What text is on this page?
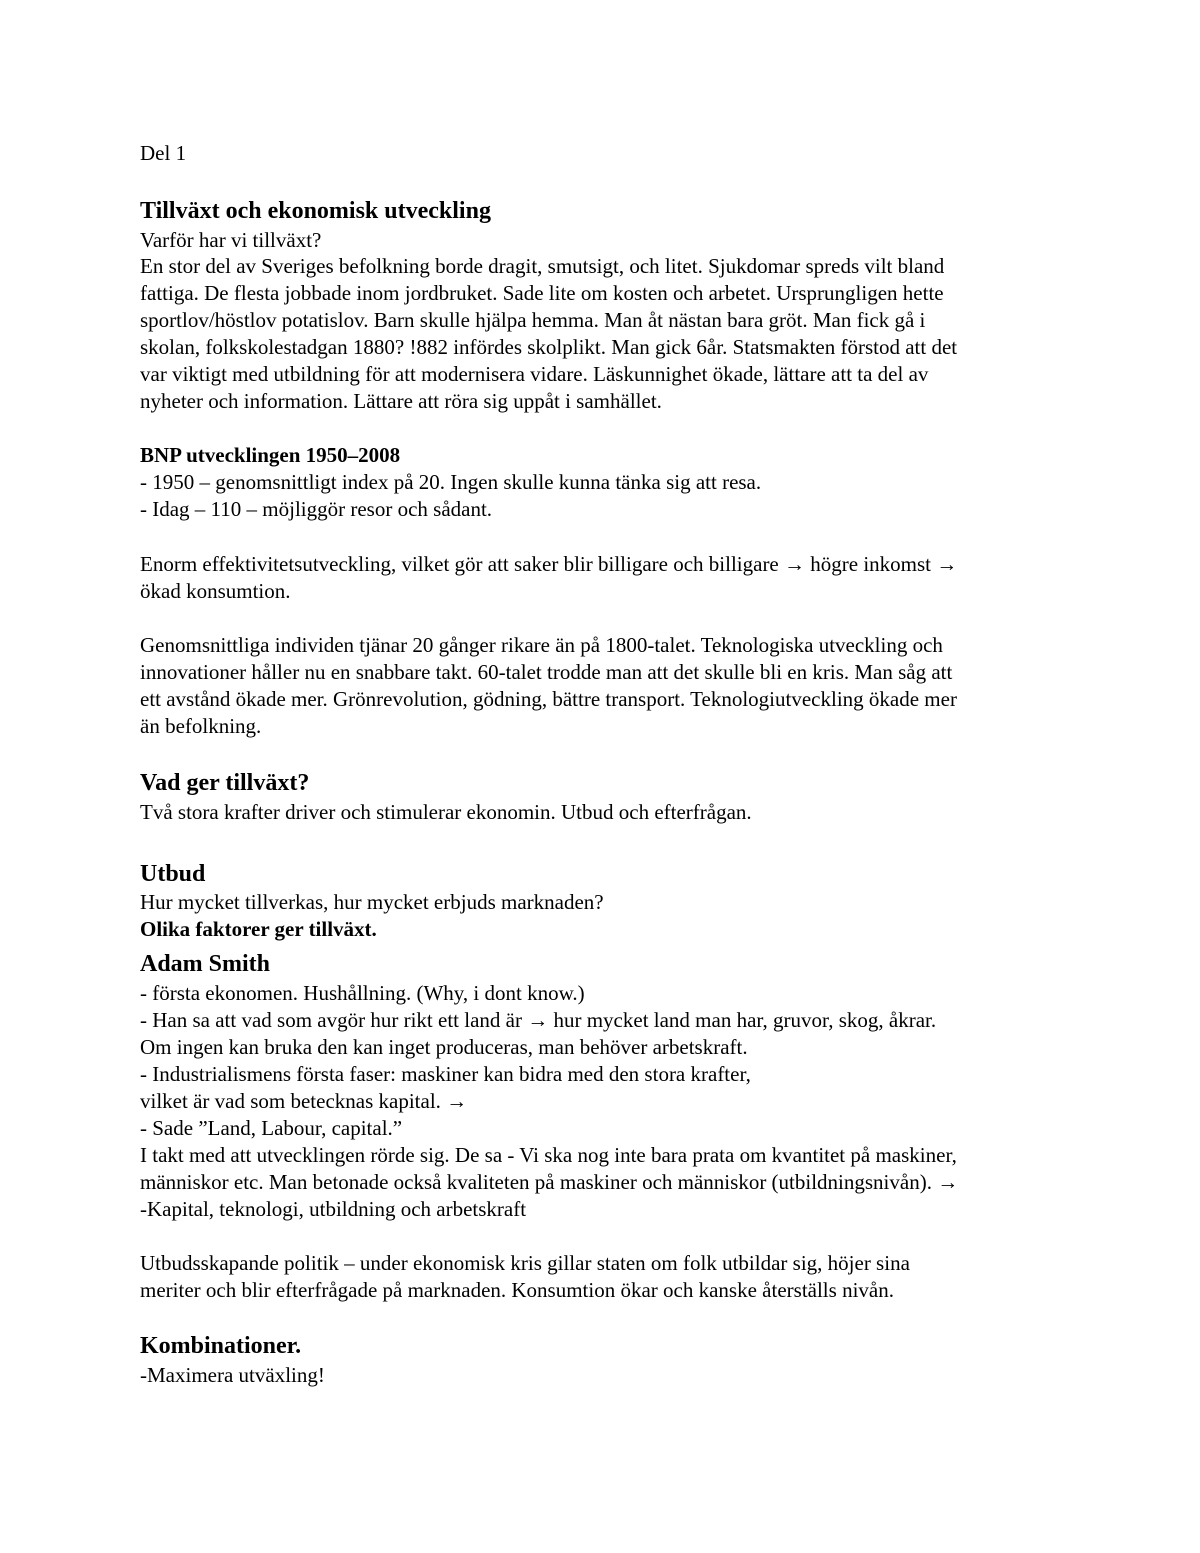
Del 1
Tillväxt och ekonomisk utveckling
Varför har vi tillväxt?
En stor del av Sveriges befolkning borde dragit, smutsigt, och litet. Sjukdomar spreds vilt bland
fattiga. De flesta jobbade inom jordbruket. Sade lite om kosten och arbetet. Ursprungligen hette
sportlov/höstlov potatislov. Barn skulle hjälpa hemma. Man åt nästan bara gröt. Man fick gå i
skolan, folkskolestadgan 1880? !882 infördes skolplikt. Man gick 6år. Statsmakten förstod att det
var viktigt med utbildning för att modernisera vidare. Läskunnighet ökade, lättare att ta del av
nyheter och information. Lättare att röra sig uppåt i samhället.
BNP utvecklingen 1950–2008
- 1950 – genomsnittligt index på 20. Ingen skulle kunna tänka sig att resa.
- Idag – 110 – möjliggör resor och sådant.
Enorm effektivitetsutveckling, vilket gör att saker blir billigare och billigare → högre inkomst →
ökad konsumtion.
Genomsnittliga individen tjänar 20 gånger rikare än på 1800-talet. Teknologiska utveckling och
innovationer håller nu en snabbare takt. 60-talet trodde man att det skulle bli en kris. Man såg att
ett avstånd ökade mer. Grönrevolution, gödning, bättre transport. Teknologiutveckling ökade mer
än befolkning.
Vad ger tillväxt?
Två stora krafter driver och stimulerar ekonomin. Utbud och efterfrågan.
Utbud
Hur mycket tillverkas, hur mycket erbjuds marknaden?
Olika faktorer ger tillväxt.
Adam Smith
- första ekonomen. Hushållning. (Why, i dont know.)
- Han sa att vad som avgör hur rikt ett land är → hur mycket land man har, gruvor, skog, åkrar.
Om ingen kan bruka den kan inget produceras, man behöver arbetskraft.
- Industrialismens första faser: maskiner kan bidra med den stora krafter,
vilket är vad som betecknas kapital. →
- Sade ”Land, Labour, capital.”
I takt med att utvecklingen rörde sig. De sa - Vi ska nog inte bara prata om kvantitet på maskiner,
människor etc. Man betonade också kvaliteten på maskiner och människor (utbildningsnivån). →
-Kapital, teknologi, utbildning och arbetskraft
Utbudsskapande politik – under ekonomisk kris gillar staten om folk utbildar sig, höjer sina
meriter och blir efterfrågade på marknaden. Konsumtion ökar och kanske återställs nivån.
Kombinationer.
-Maximera utväxling!
